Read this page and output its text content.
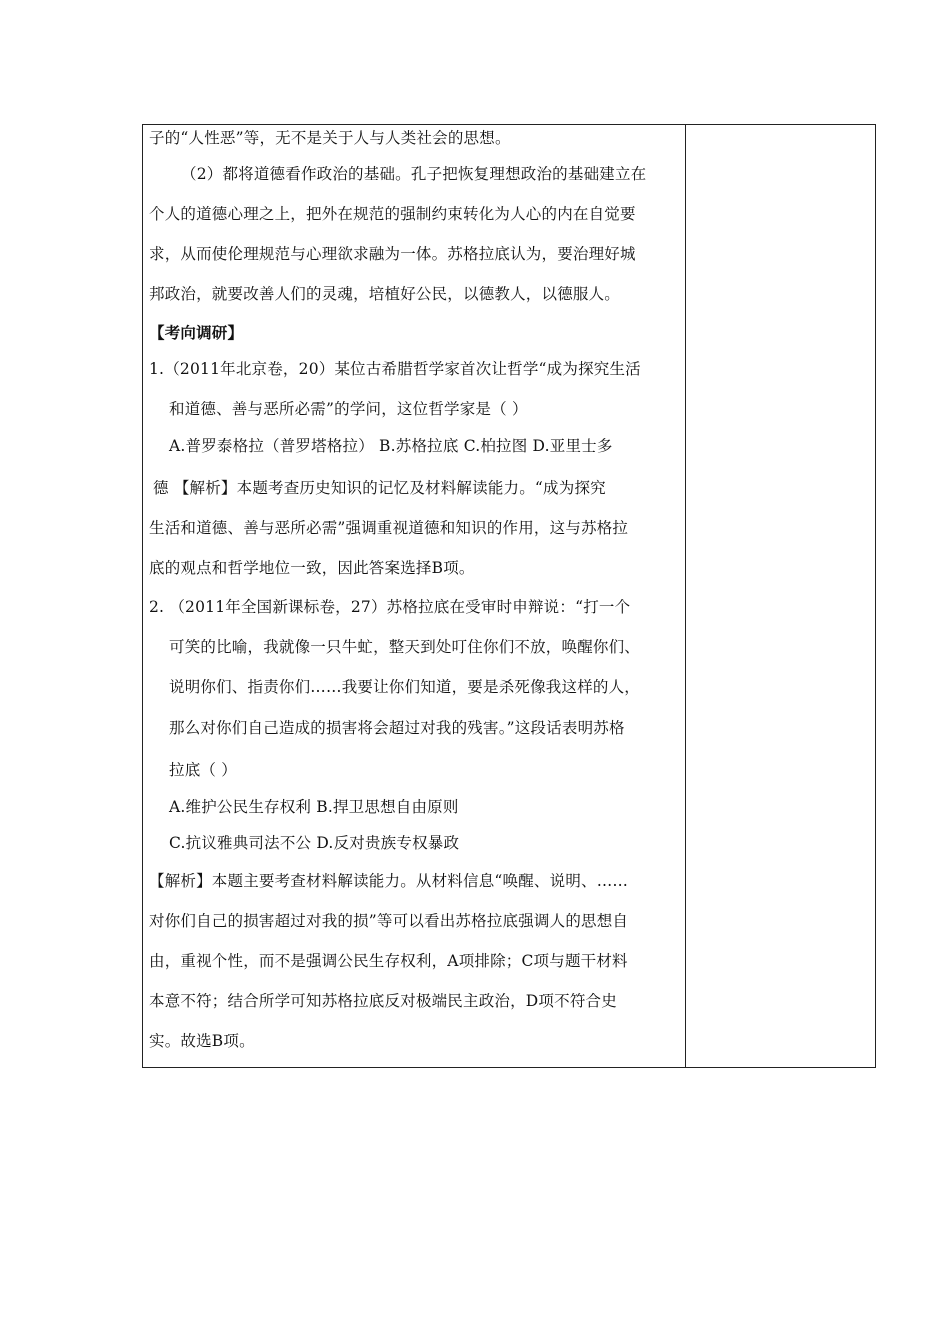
子的“人性恶”等，无不是关于人与人类社会的思想。
（2）都将道德看作政治的基础。孔子把恢复理想政治的基础建立在
个人的道德心理之上，把外在规范的强制约束转化为人心的内在自觉要
求，从而使伦理规范与心理欲求融为一体。苏格拉底认为，要治理好城
邦政治，就要改善人们的灵魂，培植好公民，以德教人，以德服人。
【考向调研】
1.（2011年北京卷，20）某位古希腊哲学家首次让哲学“成为探究生活
和道德、善与恶所必需”的学问，这位哲学家是（ ）
A.普罗泰格拉（普罗塔格拉） B.苏格拉底 C.柏拉图 D.亚里士多
德 【解析】本题考查历史知识的记忆及材料解读能力。“成为探究
生活和道德、善与恶所必需”强调重视道德和知识的作用，这与苏格拉
底的观点和哲学地位一致，因此答案选择B项。
2. （2011年全国新课标卷，27）苏格拉底在受审时申辩说：“打一个
可笑的比喻，我就像一只牛虻，整天到处叮住你们不放，唤醒你们、
说明你们、指责你们……我要让你们知道，要是杀死像我这样的人，
那么对你们自己造成的损害将会超过对我的残害。”这段话表明苏格
拉底（ ）
A.维护公民生存权利 B.捍卫思想自由原则
C.抗议雅典司法不公 D.反对贵族专权暴政
【解析】本题主要考查材料解读能力。从材料信息“唤醒、说明、……
对你们自己的损害超过对我的损”等可以看出苏格拉底强调人的思想自
由，重视个性，而不是强调公民生存权利，A项排除；C项与题干材料
本意不符；结合所学可知苏格拉底反对极端民主政治，D项不符合史
实。故选B项。
